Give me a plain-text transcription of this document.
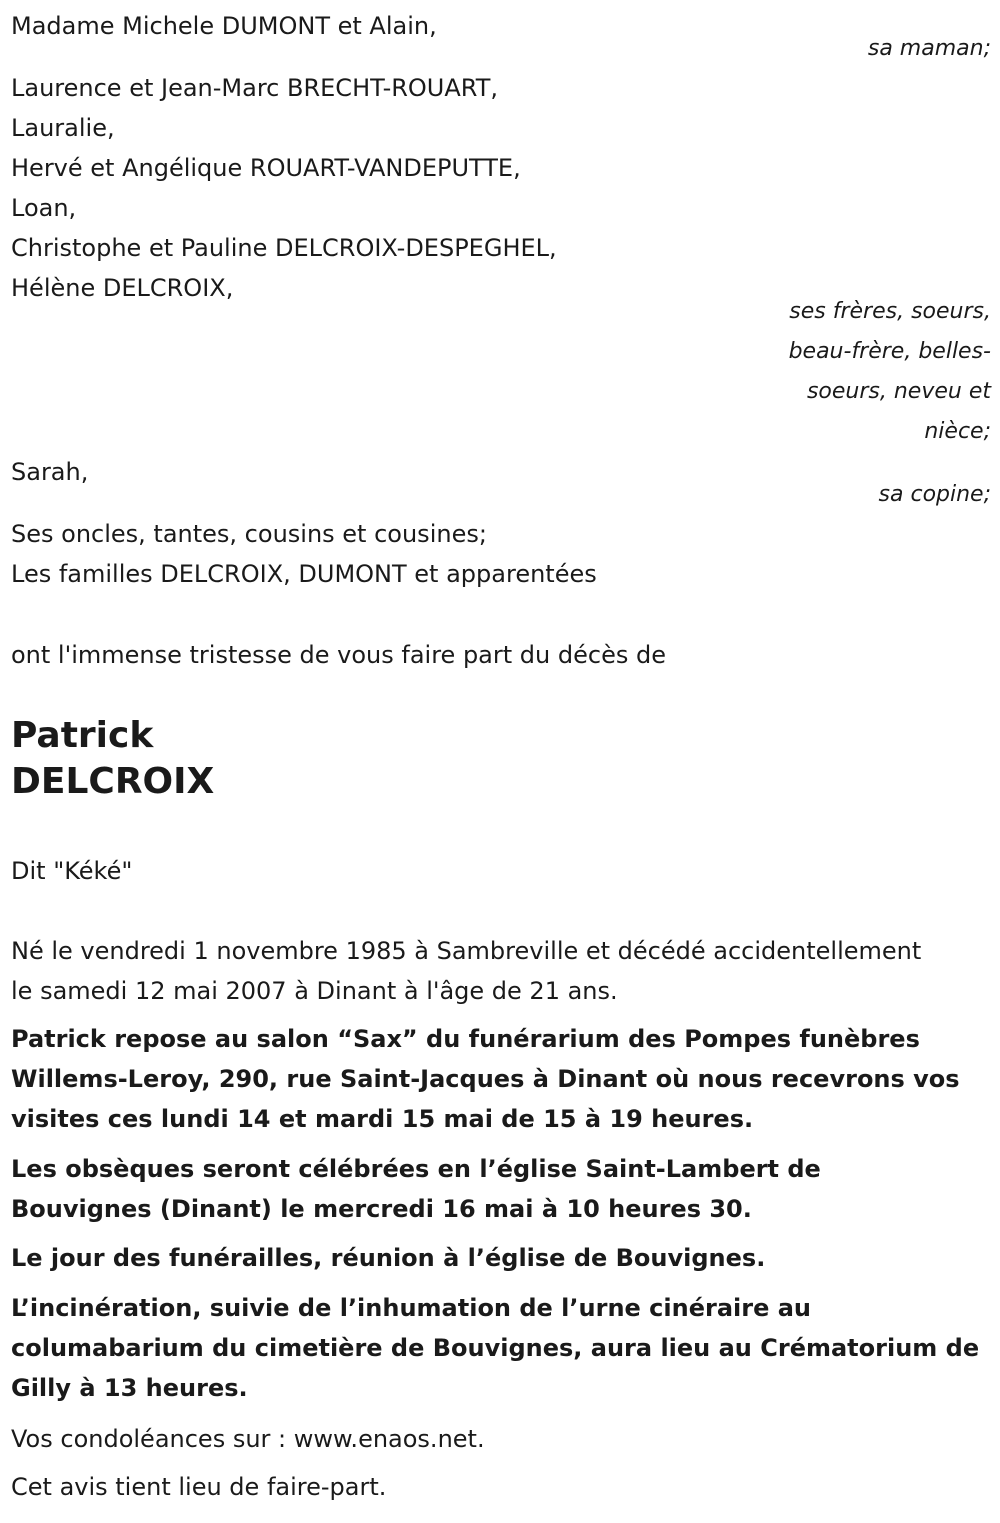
Madame Michele DUMONT et Alain,
sa maman;
Laurence et Jean-Marc BRECHT-ROUART,
Lauralie,
Hervé et Angélique ROUART-VANDEPUTTE,
Loan,
Christophe et Pauline DELCROIX-DESPEGHEL,
Hélène DELCROIX,
ses frères, soeurs, beau-frère, belles-soeurs, neveu et nièce;
Sarah,
sa copine;
Ses oncles, tantes, cousins et cousines;
Les familles DELCROIX, DUMONT et apparentées
ont l'immense tristesse de vous faire part du décès de
Patrick
DELCROIX
Dit "Kéké"
Né le vendredi 1 novembre 1985 à Sambreville et décédé accidentellement le samedi 12 mai 2007 à Dinant à l'âge de 21 ans.
Patrick repose au salon “Sax” du funérarium des Pompes funèbres Willems-Leroy, 290, rue Saint-Jacques à Dinant où nous recevrons vos visites ces lundi 14 et mardi 15 mai de 15 à 19 heures.
Les obsèques seront célébrées en l’église Saint-Lambert de Bouvignes (Dinant) le mercredi 16 mai à 10 heures 30.
Le jour des funérailles, réunion à l’église de Bouvignes.
L’incinération, suivie de l’inhumation de l’urne cinéraire au columabarium du cimetière de Bouvignes, aura lieu au Crématorium de Gilly à 13 heures.
Vos condoléances sur : www.enaos.net.
Cet avis tient lieu de faire-part.
